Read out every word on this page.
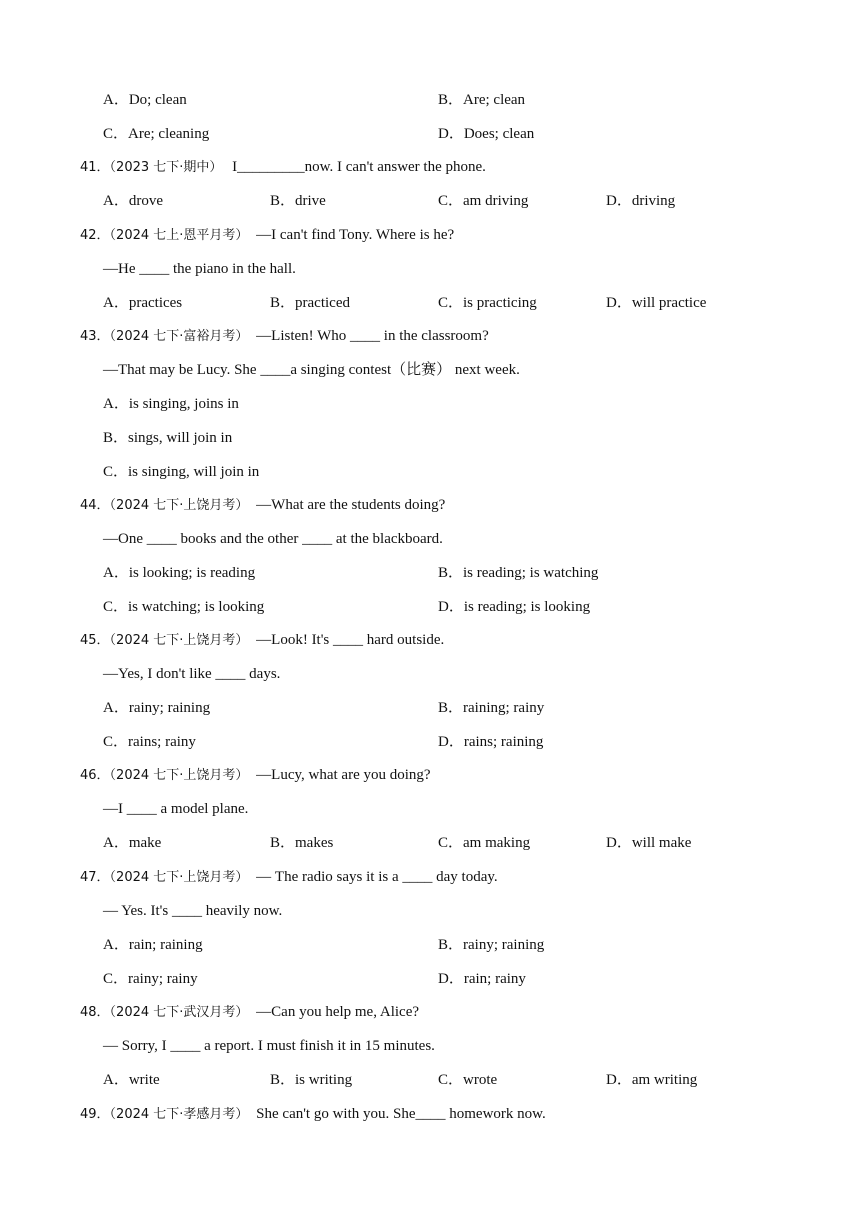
A．Do; clean	B．Are; clean
C．Are; cleaning	D．Does; clean
41．（2023 七下·期中） I_________now. I can't answer the phone.
A．drove	B．drive	C．am driving	D．driving
42．（2024 七上·恩平月考） —I can't find Tony. Where is he?
—He ____ the piano in the hall.
A．practices	B．practiced	C．is practicing	D．will practice
43．（2024 七下·富裕月考） —Listen! Who ____ in the classroom?
—That may be Lucy. She ____a singing contest（比赛） next week.
A．is singing, joins in
B．sings, will join in
C．is singing, will join in
44．（2024 七下·上饶月考） —What are the students doing?
—One ____ books and the other ____ at the blackboard.
A．is looking; is reading	B．is reading; is watching
C．is watching; is looking	D．is reading; is looking
45．（2024 七下·上饶月考） —Look! It's ____ hard outside.
—Yes, I don't like ____ days.
A．rainy; raining	B．raining; rainy
C．rains; rainy	D．rains; raining
46．（2024 七下·上饶月考） —Lucy, what are you doing?
—I ____ a model plane.
A．make	B．makes	C．am making	D．will make
47．（2024 七下·上饶月考） — The radio says it is a ____ day today.
— Yes. It's ____ heavily now.
A．rain; raining	B．rainy; raining
C．rainy; rainy	D．rain; rainy
48．（2024 七下·武汉月考） —Can you help me, Alice?
— Sorry, I ____ a report. I must finish it in 15 minutes.
A．write	B．is writing	C．wrote	D．am writing
49．（2024 七下·孝感月考） She can't go with you. She____ homework now.
